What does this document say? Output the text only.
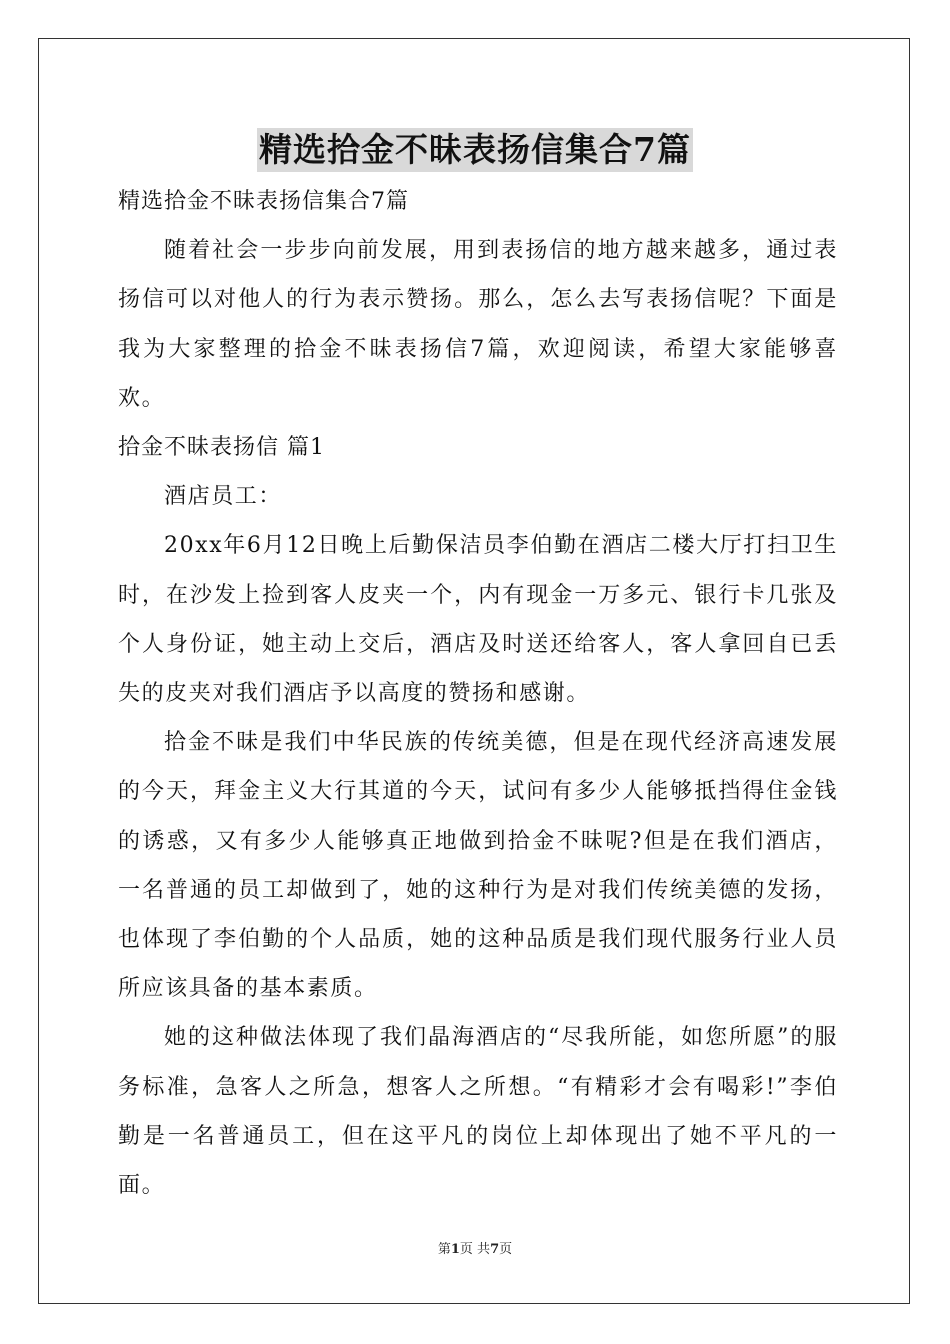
精选拾金不昧表扬信集合7篇

精选拾金不昧表扬信集合7篇

随着社会一步步向前发展，用到表扬信的地方越来越多，通过表扬信可以对他人的行为表示赞扬。那么，怎么去写表扬信呢？下面是我为大家整理的拾金不昧表扬信7篇，欢迎阅读，希望大家能够喜欢。

拾金不昧表扬信 篇1

酒店员工：

20xx年6月12日晚上后勤保洁员李伯勤在酒店二楼大厅打扫卫生时，在沙发上捡到客人皮夹一个，内有现金一万多元、银行卡几张及个人身份证，她主动上交后，酒店及时送还给客人，客人拿回自已丢失的皮夹对我们酒店予以高度的赞扬和感谢。

拾金不昧是我们中华民族的传统美德，但是在现代经济高速发展的今天，拜金主义大行其道的今天，试问有多少人能够抵挡得住金钱的诱惑，又有多少人能够真正地做到拾金不昧呢?但是在我们酒店，一名普通的员工却做到了，她的这种行为是对我们传统美德的发扬，也体现了李伯勤的个人品质，她的这种品质是我们现代服务行业人员所应该具备的基本素质。

她的这种做法体现了我们晶海酒店的“尽我所能，如您所愿”的服务标准，急客人之所急，想客人之所想。“有精彩才会有喝彩!”李伯勤是一名普通员工，但在这平凡的岗位上却体现出了她不平凡的一面。

第1页 共7页
